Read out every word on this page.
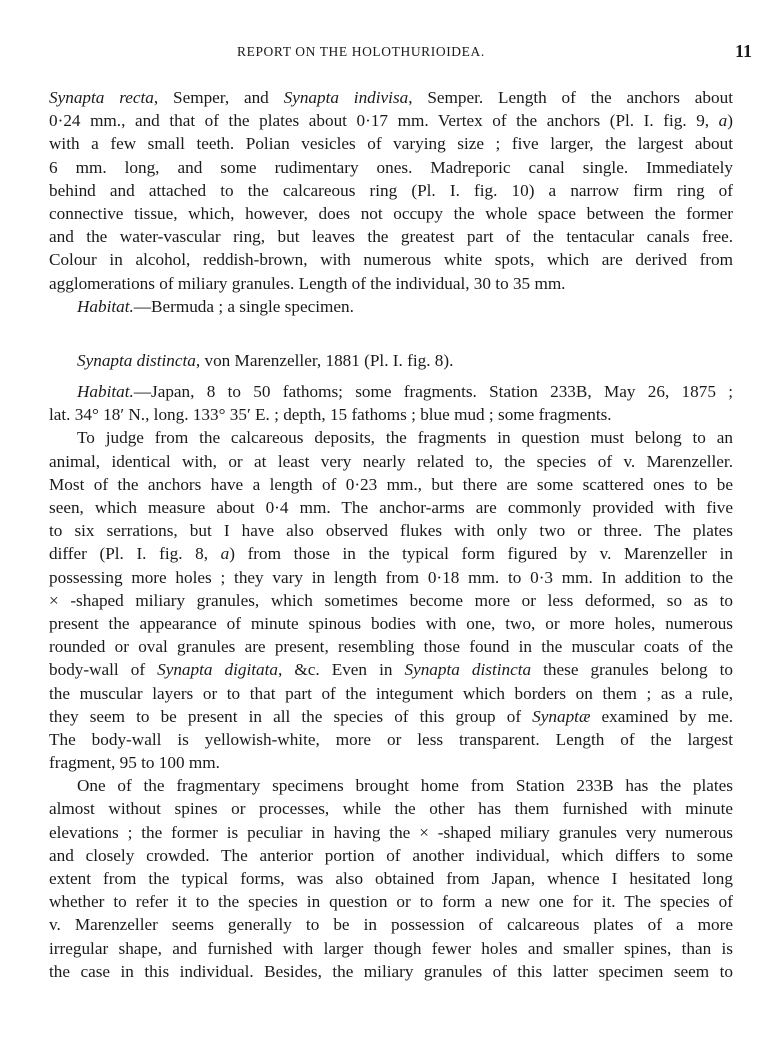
REPORT ON THE HOLOTHURIOIDEA.	11
Synapta recta, Semper, and Synapta indivisa, Semper. Length of the anchors about
0·24 mm., and that of the plates about 0·17 mm. Vertex of the anchors (Pl. I. fig. 9, a)
with a few small teeth. Polian vesicles of varying size ; five larger, the largest about
6 mm. long, and some rudimentary ones. Madreporic canal single. Immediately
behind and attached to the calcareous ring (Pl. I. fig. 10) a narrow firm ring of
connective tissue, which, however, does not occupy the whole space between the former
and the water-vascular ring, but leaves the greatest part of the tentacular canals free.
Colour in alcohol, reddish-brown, with numerous white spots, which are derived from
agglomerations of miliary granules. Length of the individual, 30 to 35 mm.
Habitat.—Bermuda ; a single specimen.
Synapta distincta, von Marenzeller, 1881 (Pl. I. fig. 8).
Habitat.—Japan, 8 to 50 fathoms; some fragments. Station 233B, May 26, 1875 ;
lat. 34° 18′ N., long. 133° 35′ E. ; depth, 15 fathoms ; blue mud ; some fragments.
To judge from the calcareous deposits, the fragments in question must belong to an
animal, identical with, or at least very nearly related to, the species of v. Marenzeller.
Most of the anchors have a length of 0·23 mm., but there are some scattered ones to be
seen, which measure about 0·4 mm. The anchor-arms are commonly provided with five
to six serrations, but I have also observed flukes with only two or three. The plates
differ (Pl. I. fig. 8, a) from those in the typical form figured by v. Marenzeller in
possessing more holes ; they vary in length from 0·18 mm. to 0·3 mm. In addition to the
× -shaped miliary granules, which sometimes become more or less deformed, so as to
present the appearance of minute spinous bodies with one, two, or more holes, numerous
rounded or oval granules are present, resembling those found in the muscular coats of the
body-wall of Synapta digitata, &c. Even in Synapta distincta these granules belong to
the muscular layers or to that part of the integument which borders on them ; as a rule,
they seem to be present in all the species of this group of Synaptæ examined by me.
The body-wall is yellowish-white, more or less transparent. Length of the largest
fragment, 95 to 100 mm.
One of the fragmentary specimens brought home from Station 233B has the plates
almost without spines or processes, while the other has them furnished with minute
elevations ; the former is peculiar in having the × -shaped miliary granules very numerous
and closely crowded. The anterior portion of another individual, which differs to some
extent from the typical forms, was also obtained from Japan, whence I hesitated long
whether to refer it to the species in question or to form a new one for it. The species of
v. Marenzeller seems generally to be in possession of calcareous plates of a more
irregular shape, and furnished with larger though fewer holes and smaller spines, than is
the case in this individual. Besides, the miliary granules of this latter specimen seem to
